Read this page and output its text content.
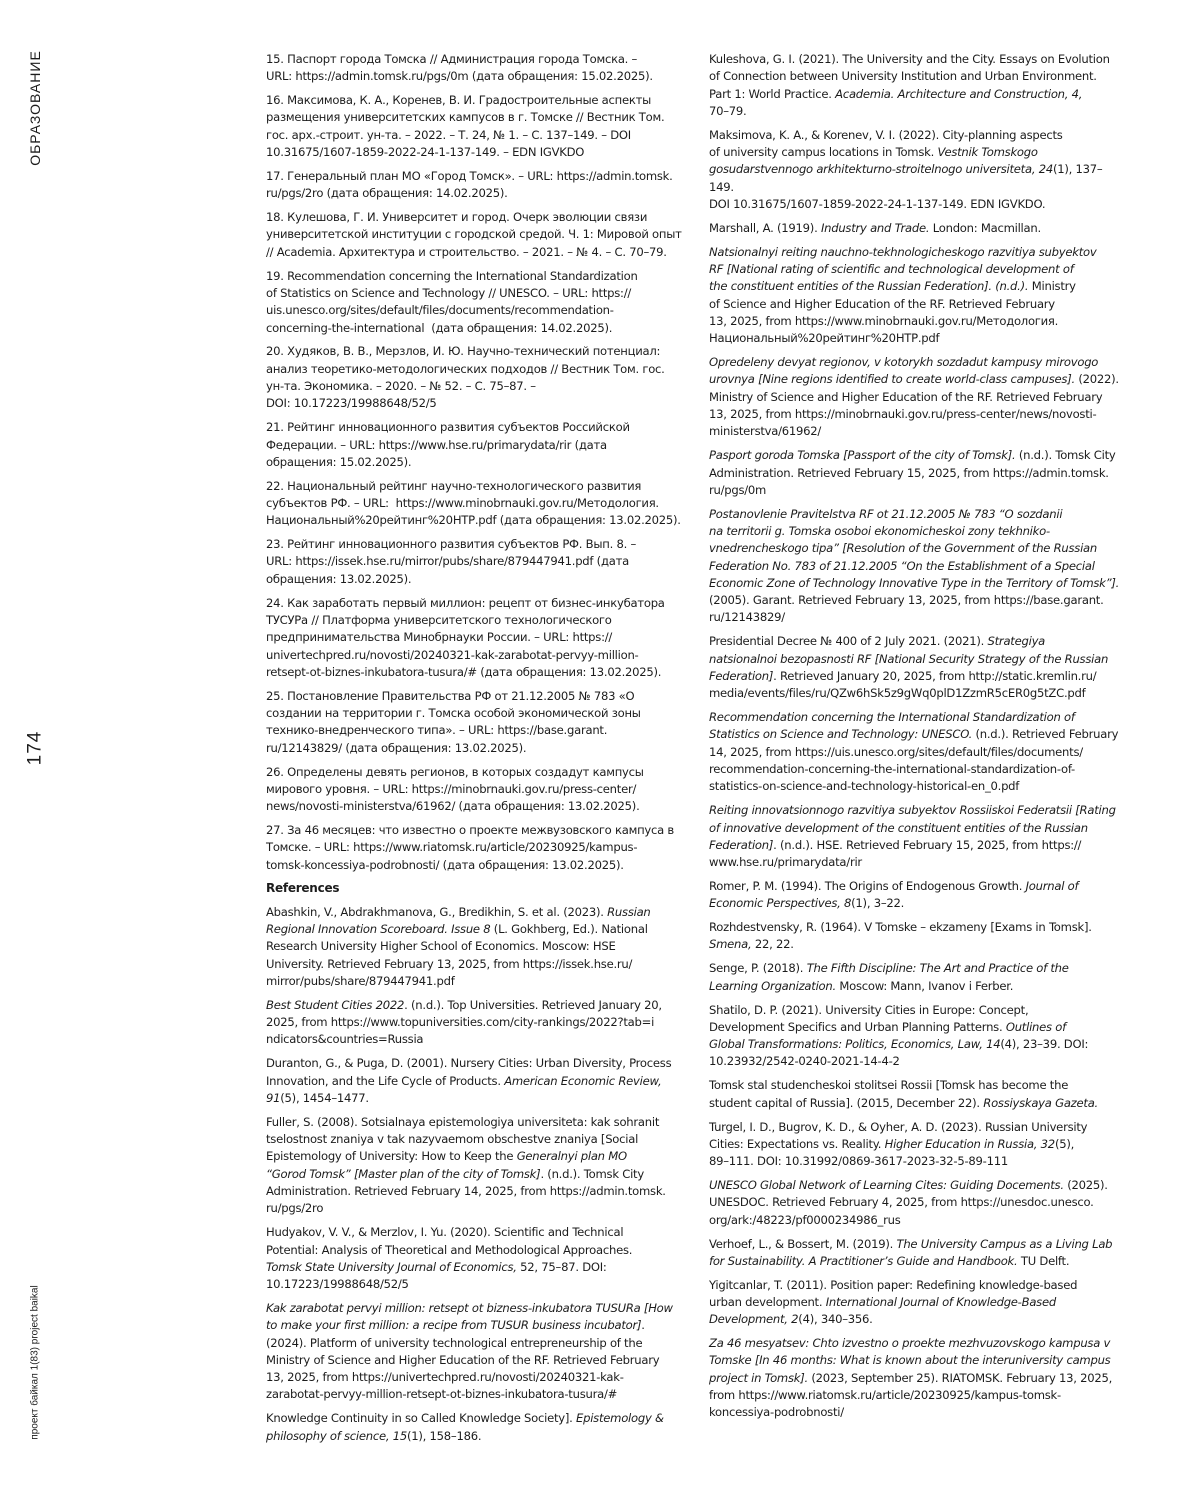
ОБРАЗОВАНИЕ
174
проект байкал 1(83) project baikal

15. Паспорт города Томска // Администрация города Томска. –
URL: https://admin.tomsk.ru/pgs/0m (дата обращения: 15.02.2025).

16. Максимова, К. А., Коренев, В. И. Градостроительные аспекты
размещения университетских кампусов в г. Томске // Вестник Том.
гос. арх.-строит. ун-та. – 2022. – Т. 24, № 1. – С. 137–149. – DOI
10.31675/1607-1859-2022-24-1-137-149. – EDN IGVKDO

17. Генеральный план МО «Город Томск». – URL: https://admin.tomsk.
ru/pgs/2ro (дата обращения: 14.02.2025).

18. Кулешова, Г. И. Университет и город. Очерк эволюции связи
университетской институции с городской средой. Ч. 1: Мировой опыт
// Academia. Архитектура и строительство. – 2021. – № 4. – С. 70–79.

19. Recommendation concerning the International Standardization
of Statistics on Science and Technology // UNESCO. – URL: https://
uis.unesco.org/sites/default/files/documents/recommendation-
concerning-the-international  (дата обращения: 14.02.2025).

20. Худяков, В. В., Мерзлов, И. Ю. Научно-технический потенциал:
анализ теоретико-методологических подходов // Вестник Том. гос.
ун-та. Экономика. – 2020. – № 52. – С. 75–87. –
DOI: 10.17223/19988648/52/5

21. Рейтинг инновационного развития субъектов Российской
Федерации. – URL: https://www.hse.ru/primarydata/rir (дата
обращения: 15.02.2025).

22. Национальный рейтинг научно-технологического развития
субъектов РФ. – URL:  https://www.minobrnauki.gov.ru/Методология.
Национальный%20рейтинг%20НТР.pdf (дата обращения: 13.02.2025).

23. Рейтинг инновационного развития субъектов РФ. Вып. 8. –
URL: https://issek.hse.ru/mirror/pubs/share/879447941.pdf (дата
обращения: 13.02.2025).

24. Как заработать первый миллион: рецепт от бизнес-инкубатора
ТУСУРа // Платформа университетского технологического
предпринимательства Минобрнауки России. – URL: https://
univertechpred.ru/novosti/20240321-kak-zarabotat-pervyy-million-
retsept-ot-biznes-inkubatora-tusura/# (дата обращения: 13.02.2025).

25. Постановление Правительства РФ от 21.12.2005 № 783 «О
создании на территории г. Томска особой экономической зоны
технико-внедренческого типа». – URL: https://base.garant.
ru/12143829/ (дата обращения: 13.02.2025).

26. Определены девять регионов, в которых создадут кампусы
мирового уровня. – URL: https://minobrnauki.gov.ru/press-center/
news/novosti-ministerstva/61962/ (дата обращения: 13.02.2025).

27. За 46 месяцев: что известно о проекте межвузовского кампуса в
Томске. – URL: https://www.riatomsk.ru/article/20230925/kampus-
tomsk-koncessiya-podrobnosti/ (дата обращения: 13.02.2025).

References

Abashkin, V., Abdrakhmanova, G., Bredikhin, S. et al. (2023). Russian
Regional Innovation Scoreboard. Issue 8 (L. Gokhberg, Ed.). National
Research University Higher School of Economics. Moscow: HSE
University. Retrieved February 13, 2025, from https://issek.hse.ru/
mirror/pubs/share/879447941.pdf

Best Student Cities 2022. (n.d.). Top Universities. Retrieved January 20,
2025, from https://www.topuniversities.com/city-rankings/2022?tab=i
ndicators&countries=Russia

Duranton, G., & Puga, D. (2001). Nursery Cities: Urban Diversity, Process
Innovation, and the Life Cycle of Products. American Economic Review,
91(5), 1454–1477.

Fuller, S. (2008). Sotsialnaya epistemologiya universiteta: kak sohranit
tselostnost znaniya v tak nazyvaemom obschestve znaniya [Social
Epistemology of University: How to Keep the Generalnyi plan MO
“Gorod Tomsk” [Master plan of the city of Tomsk]. (n.d.). Tomsk City
Administration. Retrieved February 14, 2025, from https://admin.tomsk.
ru/pgs/2ro

Hudyakov, V. V., & Merzlov, I. Yu. (2020). Scientific and Technical
Potential: Analysis of Theoretical and Methodological Approaches.
Tomsk State University Journal of Economics, 52, 75–87. DOI:
10.17223/19988648/52/5

Kak zarabotat pervyi million: retsept ot bizness-inkubatora TUSURa [How
to make your first million: a recipe from TUSUR business incubator].
(2024). Platform of university technological entrepreneurship of the
Ministry of Science and Higher Education of the RF. Retrieved February
13, 2025, from https://univertechpred.ru/novosti/20240321-kak-
zarabotat-pervyy-million-retsept-ot-biznes-inkubatora-tusura/#

Knowledge Continuity in so Called Knowledge Society]. Epistemology &
philosophy of science, 15(1), 158–186.

Kuleshova, G. I. (2021). The University and the City. Essays on Evolution
of Connection between University Institution and Urban Environment.
Part 1: World Practice. Academia. Architecture and Construction, 4,
70–79.

Maksimova, K. A., & Korenev, V. I. (2022). City-planning aspects
of university campus locations in Tomsk. Vestnik Tomskogo
gosudarstvennogo arkhitekturno-stroitelnogo universiteta, 24(1), 137–149.
DOI 10.31675/1607-1859-2022-24-1-137-149. EDN IGVKDO.

Marshall, A. (1919). Industry and Trade. London: Macmillan.

Natsionalnyi reiting nauchno-tekhnologicheskogo razvitiya subyektov
RF [National rating of scientific and technological development of
the constituent entities of the Russian Federation]. (n.d.). Ministry
of Science and Higher Education of the RF. Retrieved February
13, 2025, from https://www.minobrnauki.gov.ru/Методология.
Национальный%20рейтинг%20НТР.pdf

Opredeleny devyat regionov, v kotorykh sozdadut kampusy mirovogo
urovnya [Nine regions identified to create world-class campuses]. (2022).
Ministry of Science and Higher Education of the RF. Retrieved February
13, 2025, from https://minobrnauki.gov.ru/press-center/news/novosti-
ministerstva/61962/

Pasport goroda Tomska [Passport of the city of Tomsk]. (n.d.). Tomsk City
Administration. Retrieved February 15, 2025, from https://admin.tomsk.
ru/pgs/0m

Postanovlenie Pravitelstva RF ot 21.12.2005 № 783 “O sozdanii
na territorii g. Tomska osoboi ekonomicheskoi zony tekhniko-
vnedrencheskogo tipa” [Resolution of the Government of the Russian
Federation No. 783 of 21.12.2005 “On the Establishment of a Special
Economic Zone of Technology Innovative Type in the Territory of Tomsk”].
(2005). Garant. Retrieved February 13, 2025, from https://base.garant.
ru/12143829/

Presidential Decree № 400 of 2 July 2021. (2021). Strategiya
natsionalnoi bezopasnosti RF [National Security Strategy of the Russian
Federation]. Retrieved January 20, 2025, from http://static.kremlin.ru/
media/events/files/ru/QZw6hSk5z9gWq0plD1ZzmR5cER0g5tZC.pdf

Recommendation concerning the International Standardization of
Statistics on Science and Technology: UNESCO. (n.d.). Retrieved February
14, 2025, from https://uis.unesco.org/sites/default/files/documents/
recommendation-concerning-the-international-standardization-of-
statistics-on-science-and-technology-historical-en_0.pdf

Reiting innovatsionnogo razvitiya subyektov Rossiiskoi Federatsii [Rating
of innovative development of the constituent entities of the Russian
Federation]. (n.d.). HSE. Retrieved February 15, 2025, from https://
www.hse.ru/primarydata/rir

Romer, P. M. (1994). The Origins of Endogenous Growth. Journal of
Economic Perspectives, 8(1), 3–22.

Rozhdestvensky, R. (1964). V Tomske – ekzameny [Exams in Tomsk].
Smena, 22, 22.

Senge, P. (2018). The Fifth Discipline: The Art and Practice of the
Learning Organization. Moscow: Mann, Ivanov i Ferber.

Shatilo, D. P. (2021). University Cities in Europe: Concept,
Development Specifics and Urban Planning Patterns. Outlines of
Global Transformations: Politics, Economics, Law, 14(4), 23–39. DOI:
10.23932/2542-0240-2021-14-4-2

Tomsk stal studencheskoi stolitsei Rossii [Tomsk has become the
student capital of Russia]. (2015, December 22). Rossiyskaya Gazeta.

Turgel, I. D., Bugrov, K. D., & Oyher, A. D. (2023). Russian University
Cities: Expectations vs. Reality. Higher Education in Russia, 32(5),
89–111. DOI: 10.31992/0869-3617-2023-32-5-89-111

UNESCO Global Network of Learning Cites: Guiding Docements. (2025).
UNESDOC. Retrieved February 4, 2025, from https://unesdoc.unesco.
org/ark:/48223/pf0000234986_rus

Verhoef, L., & Bossert, M. (2019). The University Campus as a Living Lab
for Sustainability. A Practitioner’s Guide and Handbook. TU Delft.

Yigitcanlar, T. (2011). Position paper: Redefining knowledge-based
urban development. International Journal of Knowledge-Based
Development, 2(4), 340–356.

Za 46 mesyatsev: Chto izvestno o proekte mezhvuzovskogo kampusa v
Tomske [In 46 months: What is known about the interuniversity campus
project in Tomsk]. (2023, September 25). RIATOMSK. February 13, 2025,
from https://www.riatomsk.ru/article/20230925/kampus-tomsk-
koncessiya-podrobnosti/
